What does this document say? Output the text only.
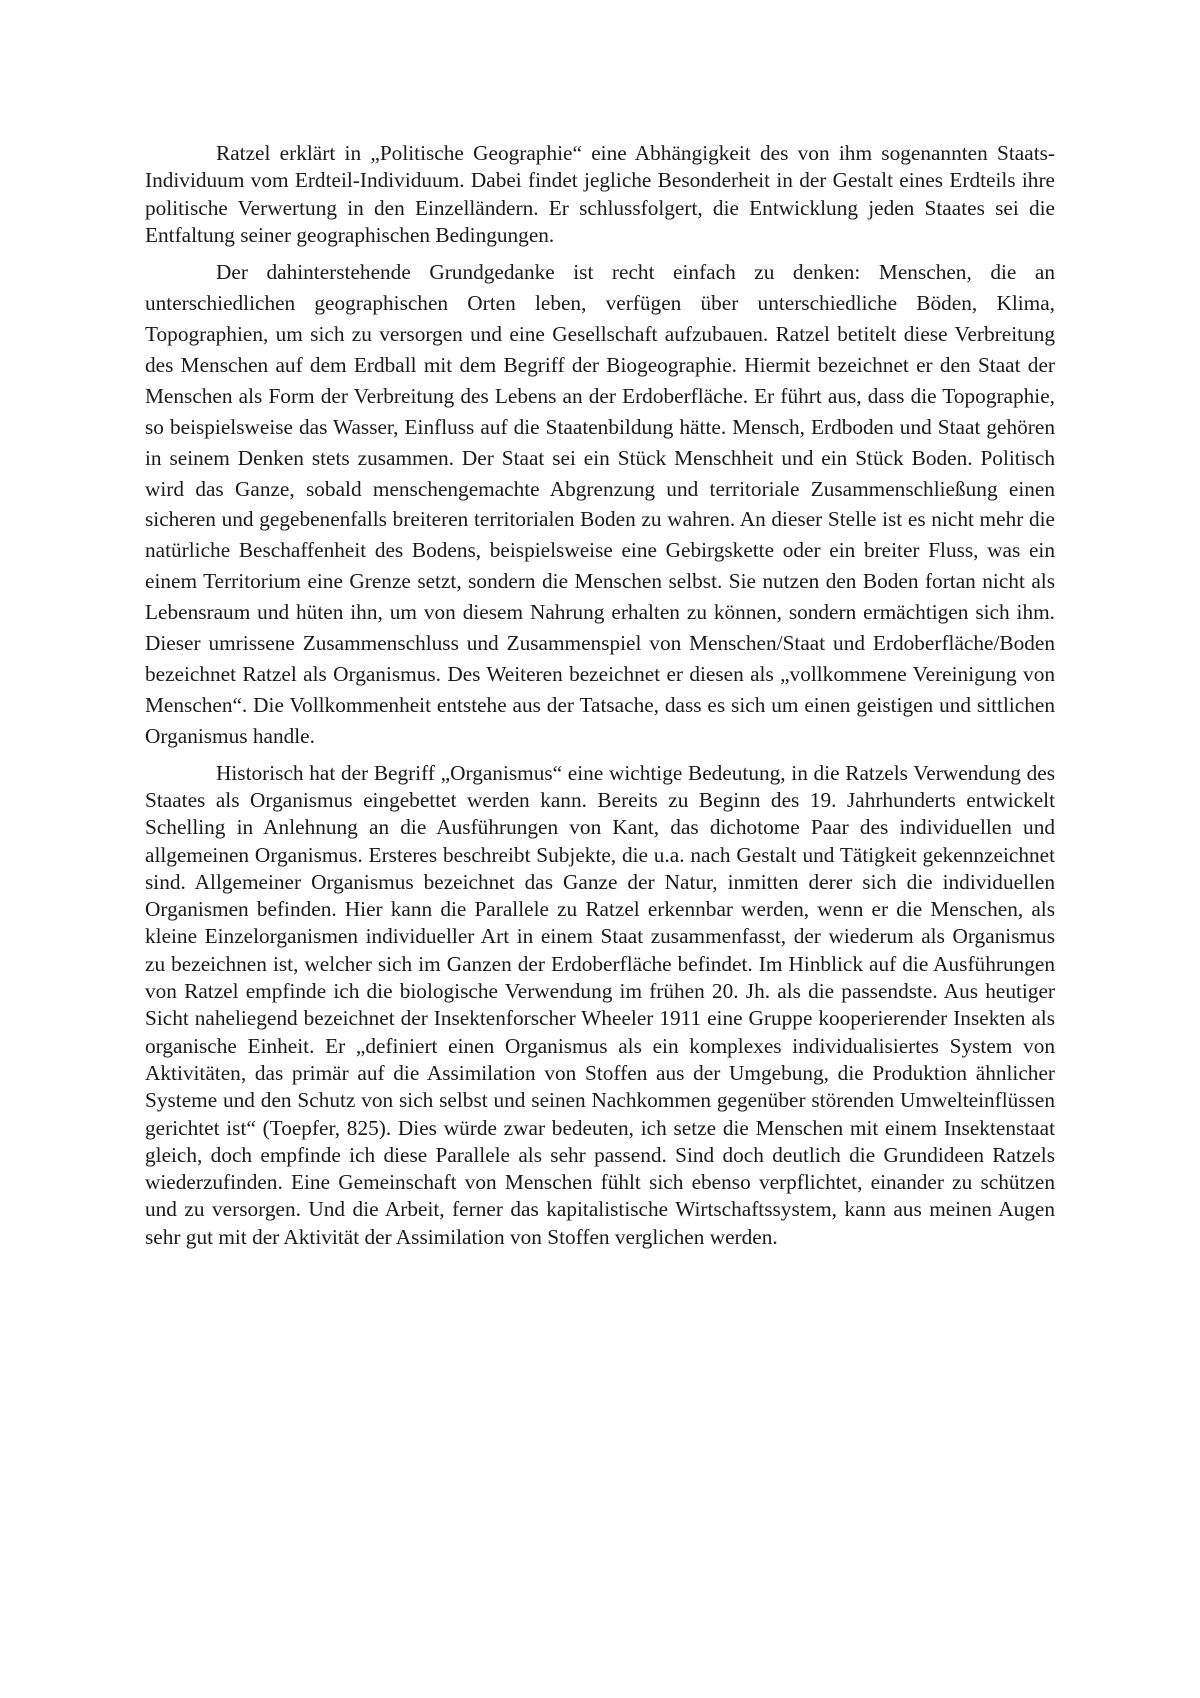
Ratzel erklärt in „Politische Geographie“ eine Abhängigkeit des von ihm sogenannten Staats-Individuum vom Erdteil-Individuum. Dabei findet jegliche Besonderheit in der Gestalt eines Erdteils ihre politische Verwertung in den Einzelländern. Er schlussfolgert, die Entwicklung jeden Staates sei die Entfaltung seiner geographischen Bedingungen.

Der dahinterstehende Grundgedanke ist recht einfach zu denken: Menschen, die an unterschiedlichen geographischen Orten leben, verfügen über unterschiedliche Böden, Klima, Topographien, um sich zu versorgen und eine Gesellschaft aufzubauen. Ratzel betitelt diese Verbreitung des Menschen auf dem Erdball mit dem Begriff der Biogeographie. Hiermit bezeichnet er den Staat der Menschen als Form der Verbreitung des Lebens an der Erdoberfläche. Er führt aus, dass die Topographie, so beispielsweise das Wasser, Einfluss auf die Staatenbildung hätte. Mensch, Erdboden und Staat gehören in seinem Denken stets zusammen. Der Staat sei ein Stück Menschheit und ein Stück Boden. Politisch wird das Ganze, sobald menschengemachte Abgrenzung und territoriale Zusammenschließung einen sicheren und gegebenenfalls breiteren territorialen Boden zu wahren. An dieser Stelle ist es nicht mehr die natürliche Beschaffenheit des Bodens, beispielsweise eine Gebirgskette oder ein breiter Fluss, was ein einem Territorium eine Grenze setzt, sondern die Menschen selbst. Sie nutzen den Boden fortan nicht als Lebensraum und hüten ihn, um von diesem Nahrung erhalten zu können, sondern ermächtigen sich ihm. Dieser umrissene Zusammenschluss und Zusammenspiel von Menschen/Staat und Erdoberfläche/Boden bezeichnet Ratzel als Organismus. Des Weiteren bezeichnet er diesen als „vollkommene Vereinigung von Menschen“. Die Vollkommenheit entstehe aus der Tatsache, dass es sich um einen geistigen und sittlichen Organismus handle.

Historisch hat der Begriff „Organismus“ eine wichtige Bedeutung, in die Ratzels Verwendung des Staates als Organismus eingebettet werden kann. Bereits zu Beginn des 19. Jahrhunderts entwickelt Schelling in Anlehnung an die Ausführungen von Kant, das dichotome Paar des individuellen und allgemeinen Organismus. Ersteres beschreibt Subjekte, die u.a. nach Gestalt und Tätigkeit gekennzeichnet sind. Allgemeiner Organismus bezeichnet das Ganze der Natur, inmitten derer sich die individuellen Organismen befinden. Hier kann die Parallele zu Ratzel erkennbar werden, wenn er die Menschen, als kleine Einzelorganismen individueller Art in einem Staat zusammenfasst, der wiederum als Organismus zu bezeichnen ist, welcher sich im Ganzen der Erdoberfläche befindet. Im Hinblick auf die Ausführungen von Ratzel empfinde ich die biologische Verwendung im frühen 20. Jh. als die passendste. Aus heutiger Sicht naheliegend bezeichnet der Insektenforscher Wheeler 1911 eine Gruppe kooperierender Insekten als organische Einheit. Er „definiert einen Organismus als ein komplexes individualisiertes System von Aktivitäten, das primär auf die Assimilation von Stoffen aus der Umgebung, die Produktion ähnlicher Systeme und den Schutz von sich selbst und seinen Nachkommen gegenüber störenden Umwelteinflüssen gerichtet ist“ (Toepfer, 825). Dies würde zwar bedeuten, ich setze die Menschen mit einem Insektenstaat gleich, doch empfinde ich diese Parallele als sehr passend. Sind doch deutlich die Grundideen Ratzels wiederzufinden. Eine Gemeinschaft von Menschen fühlt sich ebenso verpflichtet, einander zu schützen und zu versorgen. Und die Arbeit, ferner das kapitalistische Wirtschaftssystem, kann aus meinen Augen sehr gut mit der Aktivität der Assimilation von Stoffen verglichen werden.
